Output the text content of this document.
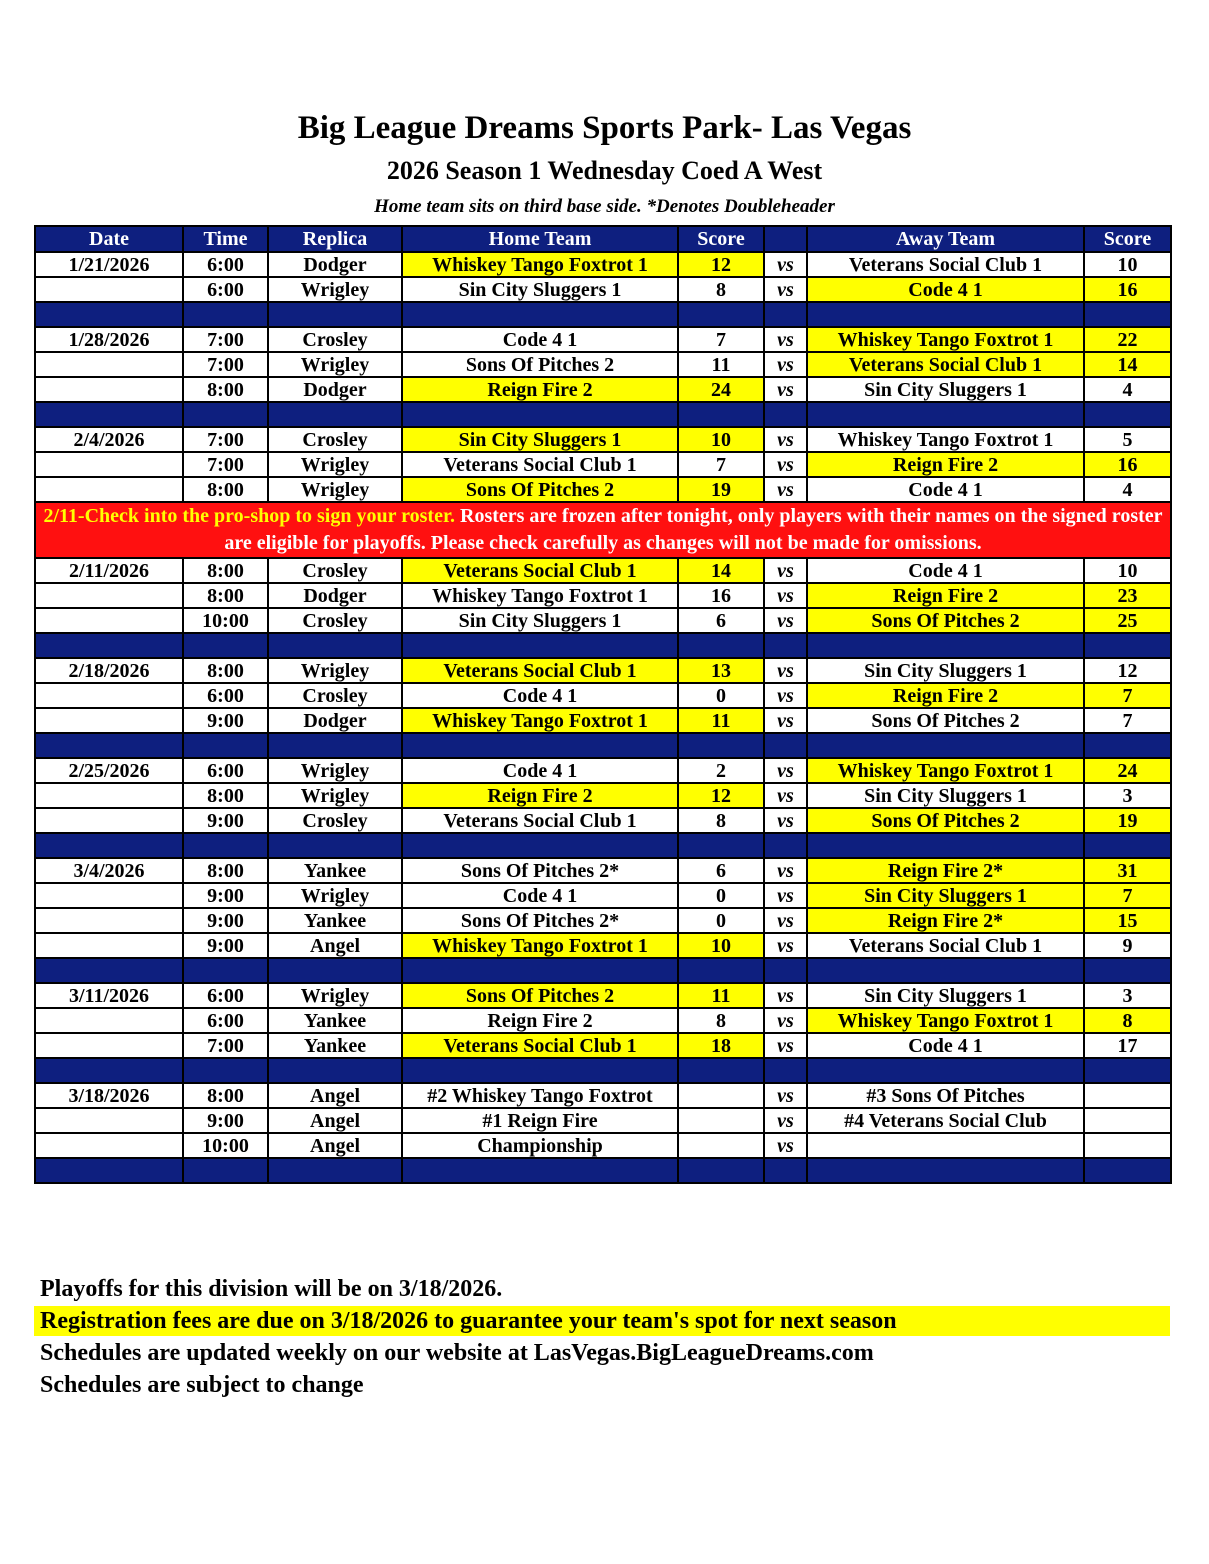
Big League Dreams Sports Park- Las Vegas
2026 Season 1 Wednesday Coed A West
Home team sits on third base side. *Denotes Doubleheader
Date	Time	Replica	Home Team	Score		Away Team	Score
1/21/2026	6:00	Dodger	Whiskey Tango Foxtrot 1	12	vs	Veterans Social Club 1	10
	6:00	Wrigley	Sin City Sluggers 1	8	vs	Code 4 1	16

1/28/2026	7:00	Crosley	Code 4 1	7	vs	Whiskey Tango Foxtrot 1	22
	7:00	Wrigley	Sons Of Pitches 2	11	vs	Veterans Social Club 1	14
	8:00	Dodger	Reign Fire 2	24	vs	Sin City Sluggers 1	4

2/4/2026	7:00	Crosley	Sin City Sluggers 1	10	vs	Whiskey Tango Foxtrot 1	5
	7:00	Wrigley	Veterans Social Club 1	7	vs	Reign Fire 2	16
	8:00	Wrigley	Sons Of Pitches 2	19	vs	Code 4 1	4
2/11-Check into the pro-shop to sign your roster. Rosters are frozen after tonight, only players with their names on the signed roster are eligible for playoffs. Please check carefully as changes will not be made for omissions.							
2/11/2026	8:00	Crosley	Veterans Social Club 1	14	vs	Code 4 1	10
	8:00	Dodger	Whiskey Tango Foxtrot 1	16	vs	Reign Fire 2	23
	10:00	Crosley	Sin City Sluggers 1	6	vs	Sons Of Pitches 2	25

2/18/2026	8:00	Wrigley	Veterans Social Club 1	13	vs	Sin City Sluggers 1	12
	6:00	Crosley	Code 4 1	0	vs	Reign Fire 2	7
	9:00	Dodger	Whiskey Tango Foxtrot 1	11	vs	Sons Of Pitches 2	7

2/25/2026	6:00	Wrigley	Code 4 1	2	vs	Whiskey Tango Foxtrot 1	24
	8:00	Wrigley	Reign Fire 2	12	vs	Sin City Sluggers 1	3
	9:00	Crosley	Veterans Social Club 1	8	vs	Sons Of Pitches 2	19

3/4/2026	8:00	Yankee	Sons Of Pitches 2*	6	vs	Reign Fire 2*	31
	9:00	Wrigley	Code 4 1	0	vs	Sin City Sluggers 1	7
	9:00	Yankee	Sons Of Pitches 2*	0	vs	Reign Fire 2*	15
	9:00	Angel	Whiskey Tango Foxtrot 1	10	vs	Veterans Social Club 1	9

3/11/2026	6:00	Wrigley	Sons Of Pitches 2	11	vs	Sin City Sluggers 1	3
	6:00	Yankee	Reign Fire 2	8	vs	Whiskey Tango Foxtrot 1	8
	7:00	Yankee	Veterans Social Club 1	18	vs	Code 4 1	17

3/18/2026	8:00	Angel	#2 Whiskey Tango Foxtrot		vs	#3 Sons Of Pitches	
	9:00	Angel	#1 Reign Fire		vs	#4 Veterans Social Club	
	10:00	Angel	Championship		vs		

Playoffs for this division will be on 3/18/2026.
Registration fees are due on 3/18/2026 to guarantee your team's spot for next season
Schedules are updated weekly on our website at LasVegas.BigLeagueDreams.com
Schedules are subject to change
